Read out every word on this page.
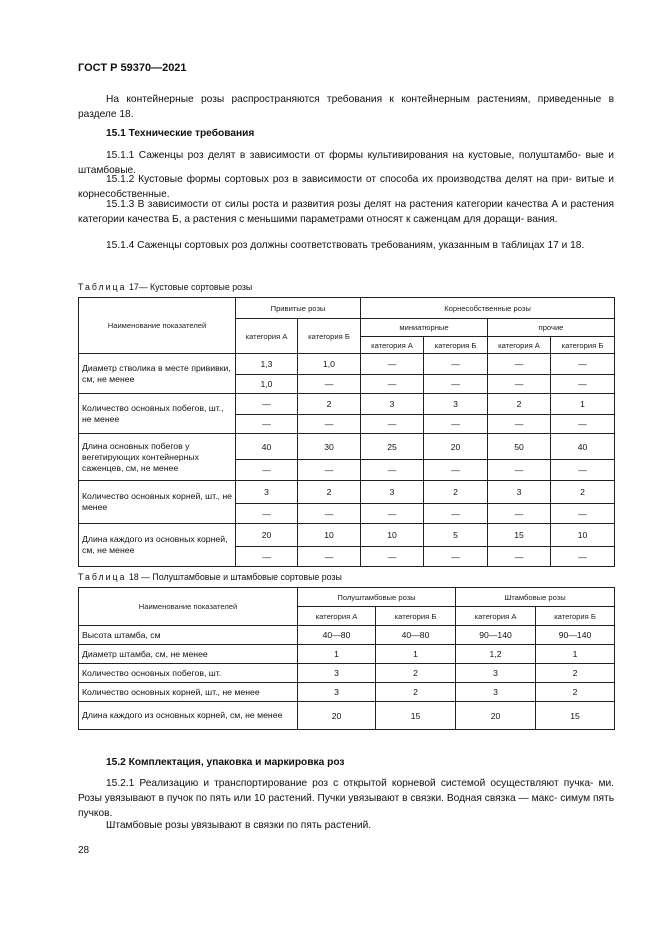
ГОСТ Р 59370—2021
На контейнерные розы распространяются требования к контейнерным растениям, приведенные в разделе 18.
15.1 Технические требования
15.1.1 Саженцы роз делят в зависимости от формы культивирования на кустовые, полуштамбо- вые и штамбовые.
15.1.2 Кустовые формы сортовых роз в зависимости от способа их производства делят на при- витые и корнесобственные.
15.1.3 В зависимости от силы роста и развития розы делят на растения категории качества А и растения категории качества Б, а растения с меньшими параметрами относят к саженцам для доращи- вания.
15.1.4 Саженцы сортовых роз должны соответствовать требованиям, указанным в таблицах 17 и 18.
Таблица 17— Кустовые сортовые розы
Наименование показателей	Привитые розы		Корнесобственные розы			
	категория А	категория Б	миниатюрные		прочие	
			категория А	категория Б	категория А	категория Б
Диаметр стволика в месте прививки, см, не менее	1,3	1,0	—	—	—	—
	1,0	—	—	—	—	—
Количество основных побегов, шт., не менее	—	2	3	3	2	1
	—	—	—	—	—	—
Длина основных побегов у вегетирующих контейнерных саженцев, см, не менее	40	30	25	20	50	40
	—	—	—	—	—	—
Количество основных корней, шт., не менее	3	2	3	2	3	2
	—	—	—	—	—	—
Длина каждого из основных корней, см, не менее	20	10	10	5	15	10
	—	—	—	—	—	—
Таблица 18 — Полуштамбовые и штамбовые сортовые розы
Наименование показателей	Полуштамбовые розы		Штамбовые розы	
	категория А	категория Б	категория А	категория Б
Высота штамба, см	40—80	40—80	90—140	90—140
Диаметр штамба, см, не менее	1	1	1,2	1
Количество основных побегов, шт.	3	2	3	2
Количество основных корней, шт., не менее	3	2	3	2
Длина каждого из основных корней, см, не менее	20	15	20	15
15.2 Комплектация, упаковка и маркировка роз
15.2.1 Реализацию и транспортирование роз с открытой корневой системой осуществляют пучка- ми. Розы увязывают в пучок по пять или 10 растений. Пучки увязывают в связки. Водная связка — макс- симум пять пучков.
Штамбовые розы увязывают в связки по пять растений.
28
